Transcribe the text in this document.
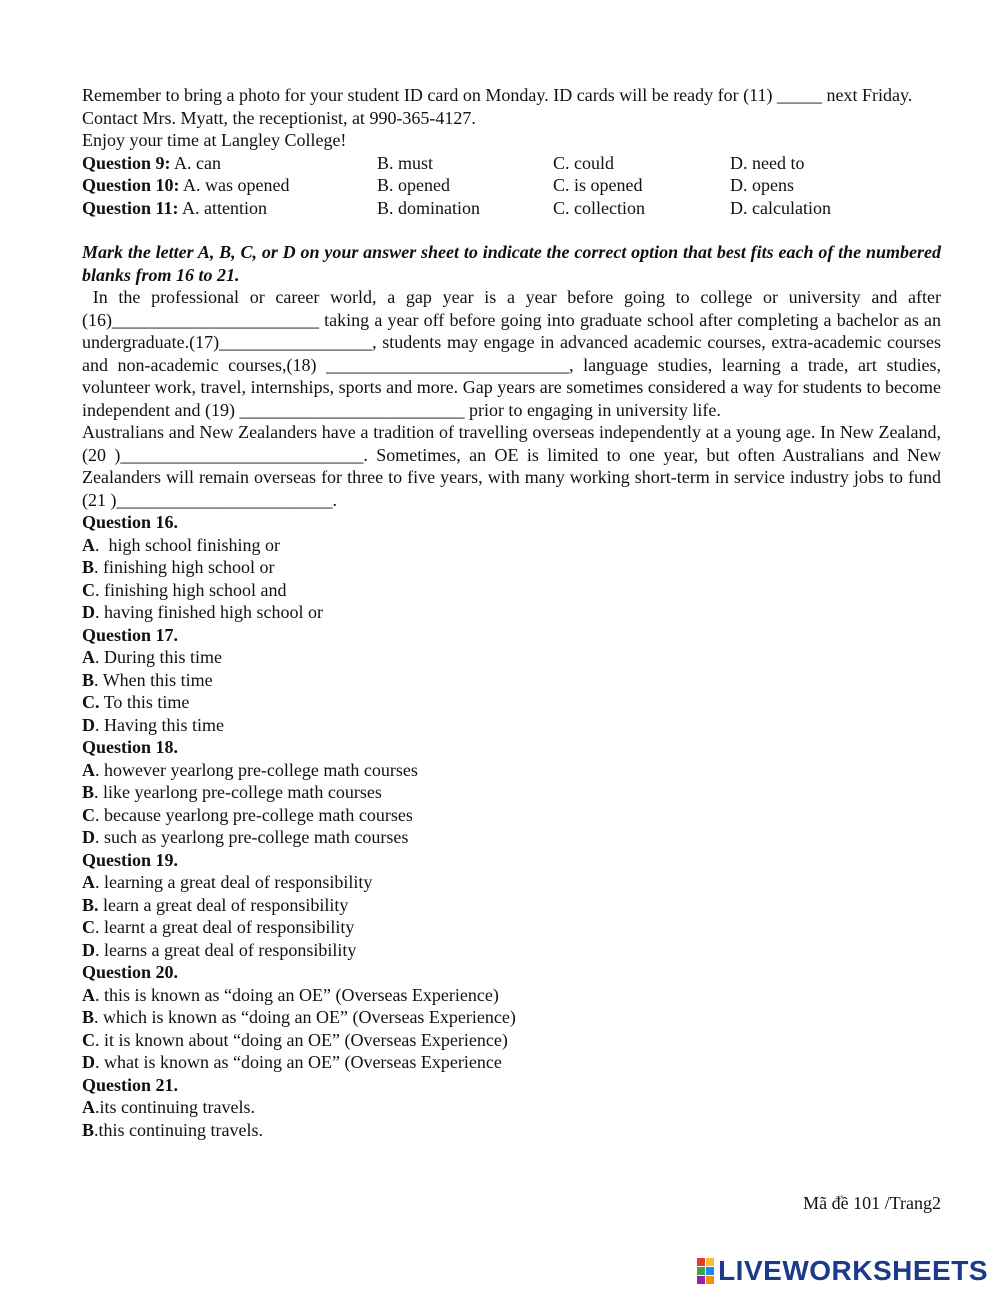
Remember to bring a photo for your student ID card on Monday. ID cards will be ready for (11) _____ next Friday.
Contact Mrs. Myatt, the receptionist, at 990-365-4127.
Enjoy your time at Langley College!
Question 9: A. can	B. must	C. could	D. need to
Question 10: A. was opened	B. opened	C. is opened	D. opens
Question 11: A. attention	B. domination	C. collection	D. calculation
Mark the letter A, B, C, or D on your answer sheet to indicate the correct option that best fits each of the numbered blanks from 16 to 21.
In the professional or career world, a gap year is a year before going to college or university and after (16)_______________________ taking a year off before going into graduate school after completing a bachelor as an undergraduate.(17)_________________, students may engage in advanced academic courses, extra-academic courses and non-academic courses,(18) ___________________________, language studies, learning a trade, art studies, volunteer work, travel, internships, sports and more. Gap years are sometimes considered a way for students to become independent and (19) _________________________ prior to engaging in university life.
Australians and New Zealanders have a tradition of travelling overseas independently at a young age. In New Zealand, (20 )___________________________. Sometimes, an OE is limited to one year, but often Australians and New Zealanders will remain overseas for three to five years, with many working short-term in service industry jobs to fund (21 )________________________.
Question 16.
A.  high school finishing or
B. finishing high school or
C. finishing high school and
D. having finished high school or
Question 17.
A. During this time
B. When this time
C. To this time
D. Having this time
Question 18.
A. however yearlong pre-college math courses
B. like yearlong pre-college math courses
C. because yearlong pre-college math courses
D. such as yearlong pre-college math courses
Question 19.
A. learning a great deal of responsibility
B. learn a great deal of responsibility
C. learnt a great deal of responsibility
D. learns a great deal of responsibility
Question 20.
A. this is known as “doing an OE” (Overseas Experience)
B. which is known as “doing an OE” (Overseas Experience)
C. it is known about “doing an OE” (Overseas Experience)
D. what is known as “doing an OE” (Overseas Experience
Question 21.
A.its continuing travels.
B.this continuing travels.
Mã đề 101 /Trang2
LIVEWORKSHEETS
